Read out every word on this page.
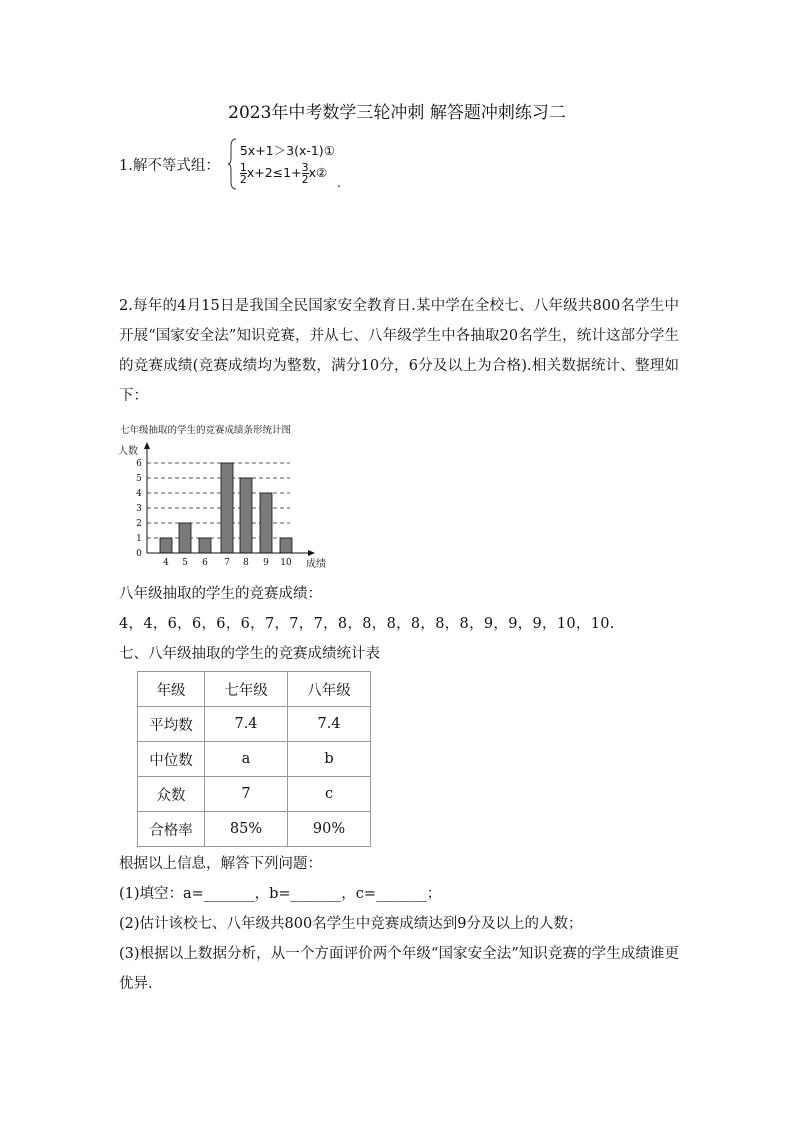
2023年中考数学三轮冲刺 解答题冲刺练习二
1.解不等式组：
5x+1＞3(x-1)①
$\frac{1}{2} x+2\le 1+ \frac{3}{2}$ x②
.
2.每年的4月15日是我国全民国家安全教育日.某中学在全校七、八年级共800名学生中开展“国家安全法”知识竞赛，并从七、八年级学生中各抽取20名学生，统计这部分学生的竞赛成绩(竞赛成绩均为整数，满分10分，6分及以上为合格).相关数据统计、整理如下：
七年级抽取的学生的竞赛成绩条形统计图
人数
成绩
0
1
2
3
4
5
6
4 5 6 7 8 9 10
八年级抽取的学生的竞赛成绩：
4，4，6，6，6，6，7，7，7，8，8，8，8，8，8，9，9，9，10，10.
七、八年级抽取的学生的竞赛成绩统计表
年级	七年级	八年级
平均数	7.4	7.4
中位数	a	b
众数	7	c
合格率	85%	90%
根据以上信息，解答下列问题：
(1)填空：a=_______，b=_______，c=_______；
(2)估计该校七、八年级共800名学生中竞赛成绩达到9分及以上的人数；
(3)根据以上数据分析，从一个方面评价两个年级“国家安全法”知识竞赛的学生成绩谁更优异.
